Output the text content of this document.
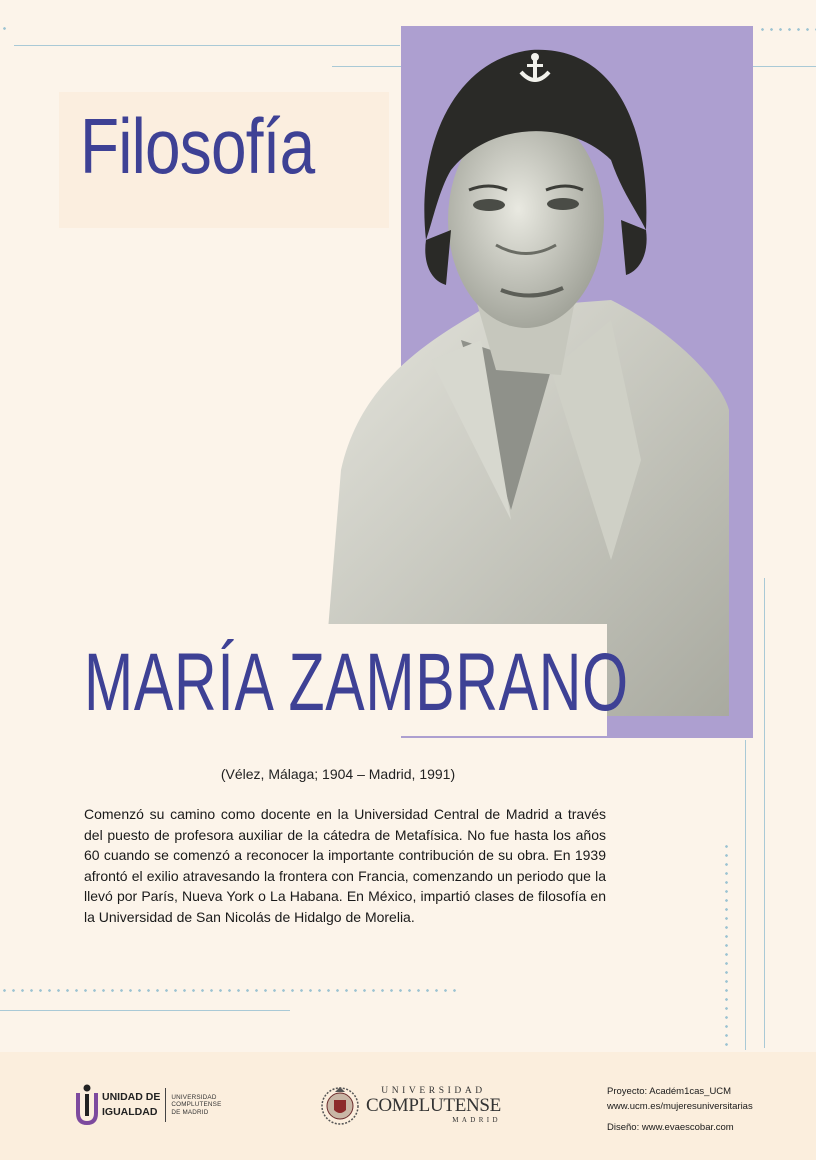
Filosofía
MARÍA ZAMBRANO
(Vélez, Málaga; 1904 – Madrid, 1991)
Comenzó su camino como docente en la Universidad Central de Madrid a través del puesto de profesora auxiliar de la cátedra de Metafísica. No fue hasta los años 60 cuando se comenzó a reconocer la importante contribución de su obra. En 1939 afrontó el exilio atravesando la frontera con Francia, comenzando un periodo que la llevó por París, Nueva York o La Habana. En México, impartió clases de filosofía en la Universidad de San Nicolás de Hidalgo de Morelia.
UNIDAD DE
IGUALDAD
UNIVERSIDAD
COMPLUTENSE
DE MADRID
UNIVERSIDAD
COMPLUTENSE
MADRID
Proyecto: Académ1cas_UCM
www.ucm.es/mujeresuniversitarias
Diseño: www.evaescobar.com
